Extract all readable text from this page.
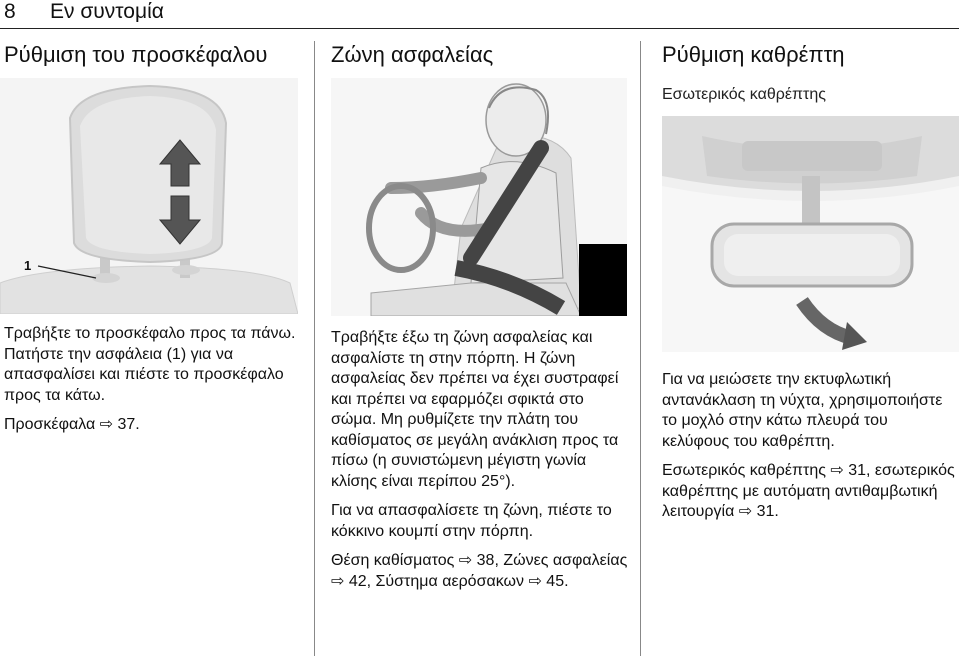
8 Εν συντομία
Ρύθμιση του προσκέφαλου
1

Τραβήξτε το προσκέφαλο προς τα πάνω. Πατήστε την ασφάλεια (1) για να απασφαλίσει και πιέστε το προσκέφαλο προς τα κάτω.

Προσκέφαλα ⇨ 37.

Ζώνη ασφαλείας

Τραβήξτε έξω τη ζώνη ασφαλείας και ασφαλίστε τη στην πόρπη. Η ζώνη ασφαλείας δεν πρέπει να έχει συστραφεί και πρέπει να εφαρμόζει σφικτά στο σώμα. Μη ρυθμίζετε την πλάτη του καθίσματος σε μεγάλη ανάκλιση προς τα πίσω (η συνιστώμενη μέγιστη γωνία κλίσης είναι περίπου 25°).

Για να απασφαλίσετε τη ζώνη, πιέστε το κόκκινο κουμπί στην πόρπη.

Θέση καθίσματος ⇨ 38, Ζώνες ασφαλείας ⇨ 42, Σύστημα αερόσακων ⇨ 45.

Ρύθμιση καθρέπτη
Εσωτερικός καθρέπτης

Για να μειώσετε την εκτυφλωτική αντανάκλαση τη νύχτα, χρησιμοποιήστε το μοχλό στην κάτω πλευρά του κελύφους του καθρέπτη.

Εσωτερικός καθρέπτης ⇨ 31, εσωτερικός καθρέπτης με αυτόματη αντιθαμβωτική λειτουργία ⇨ 31.
